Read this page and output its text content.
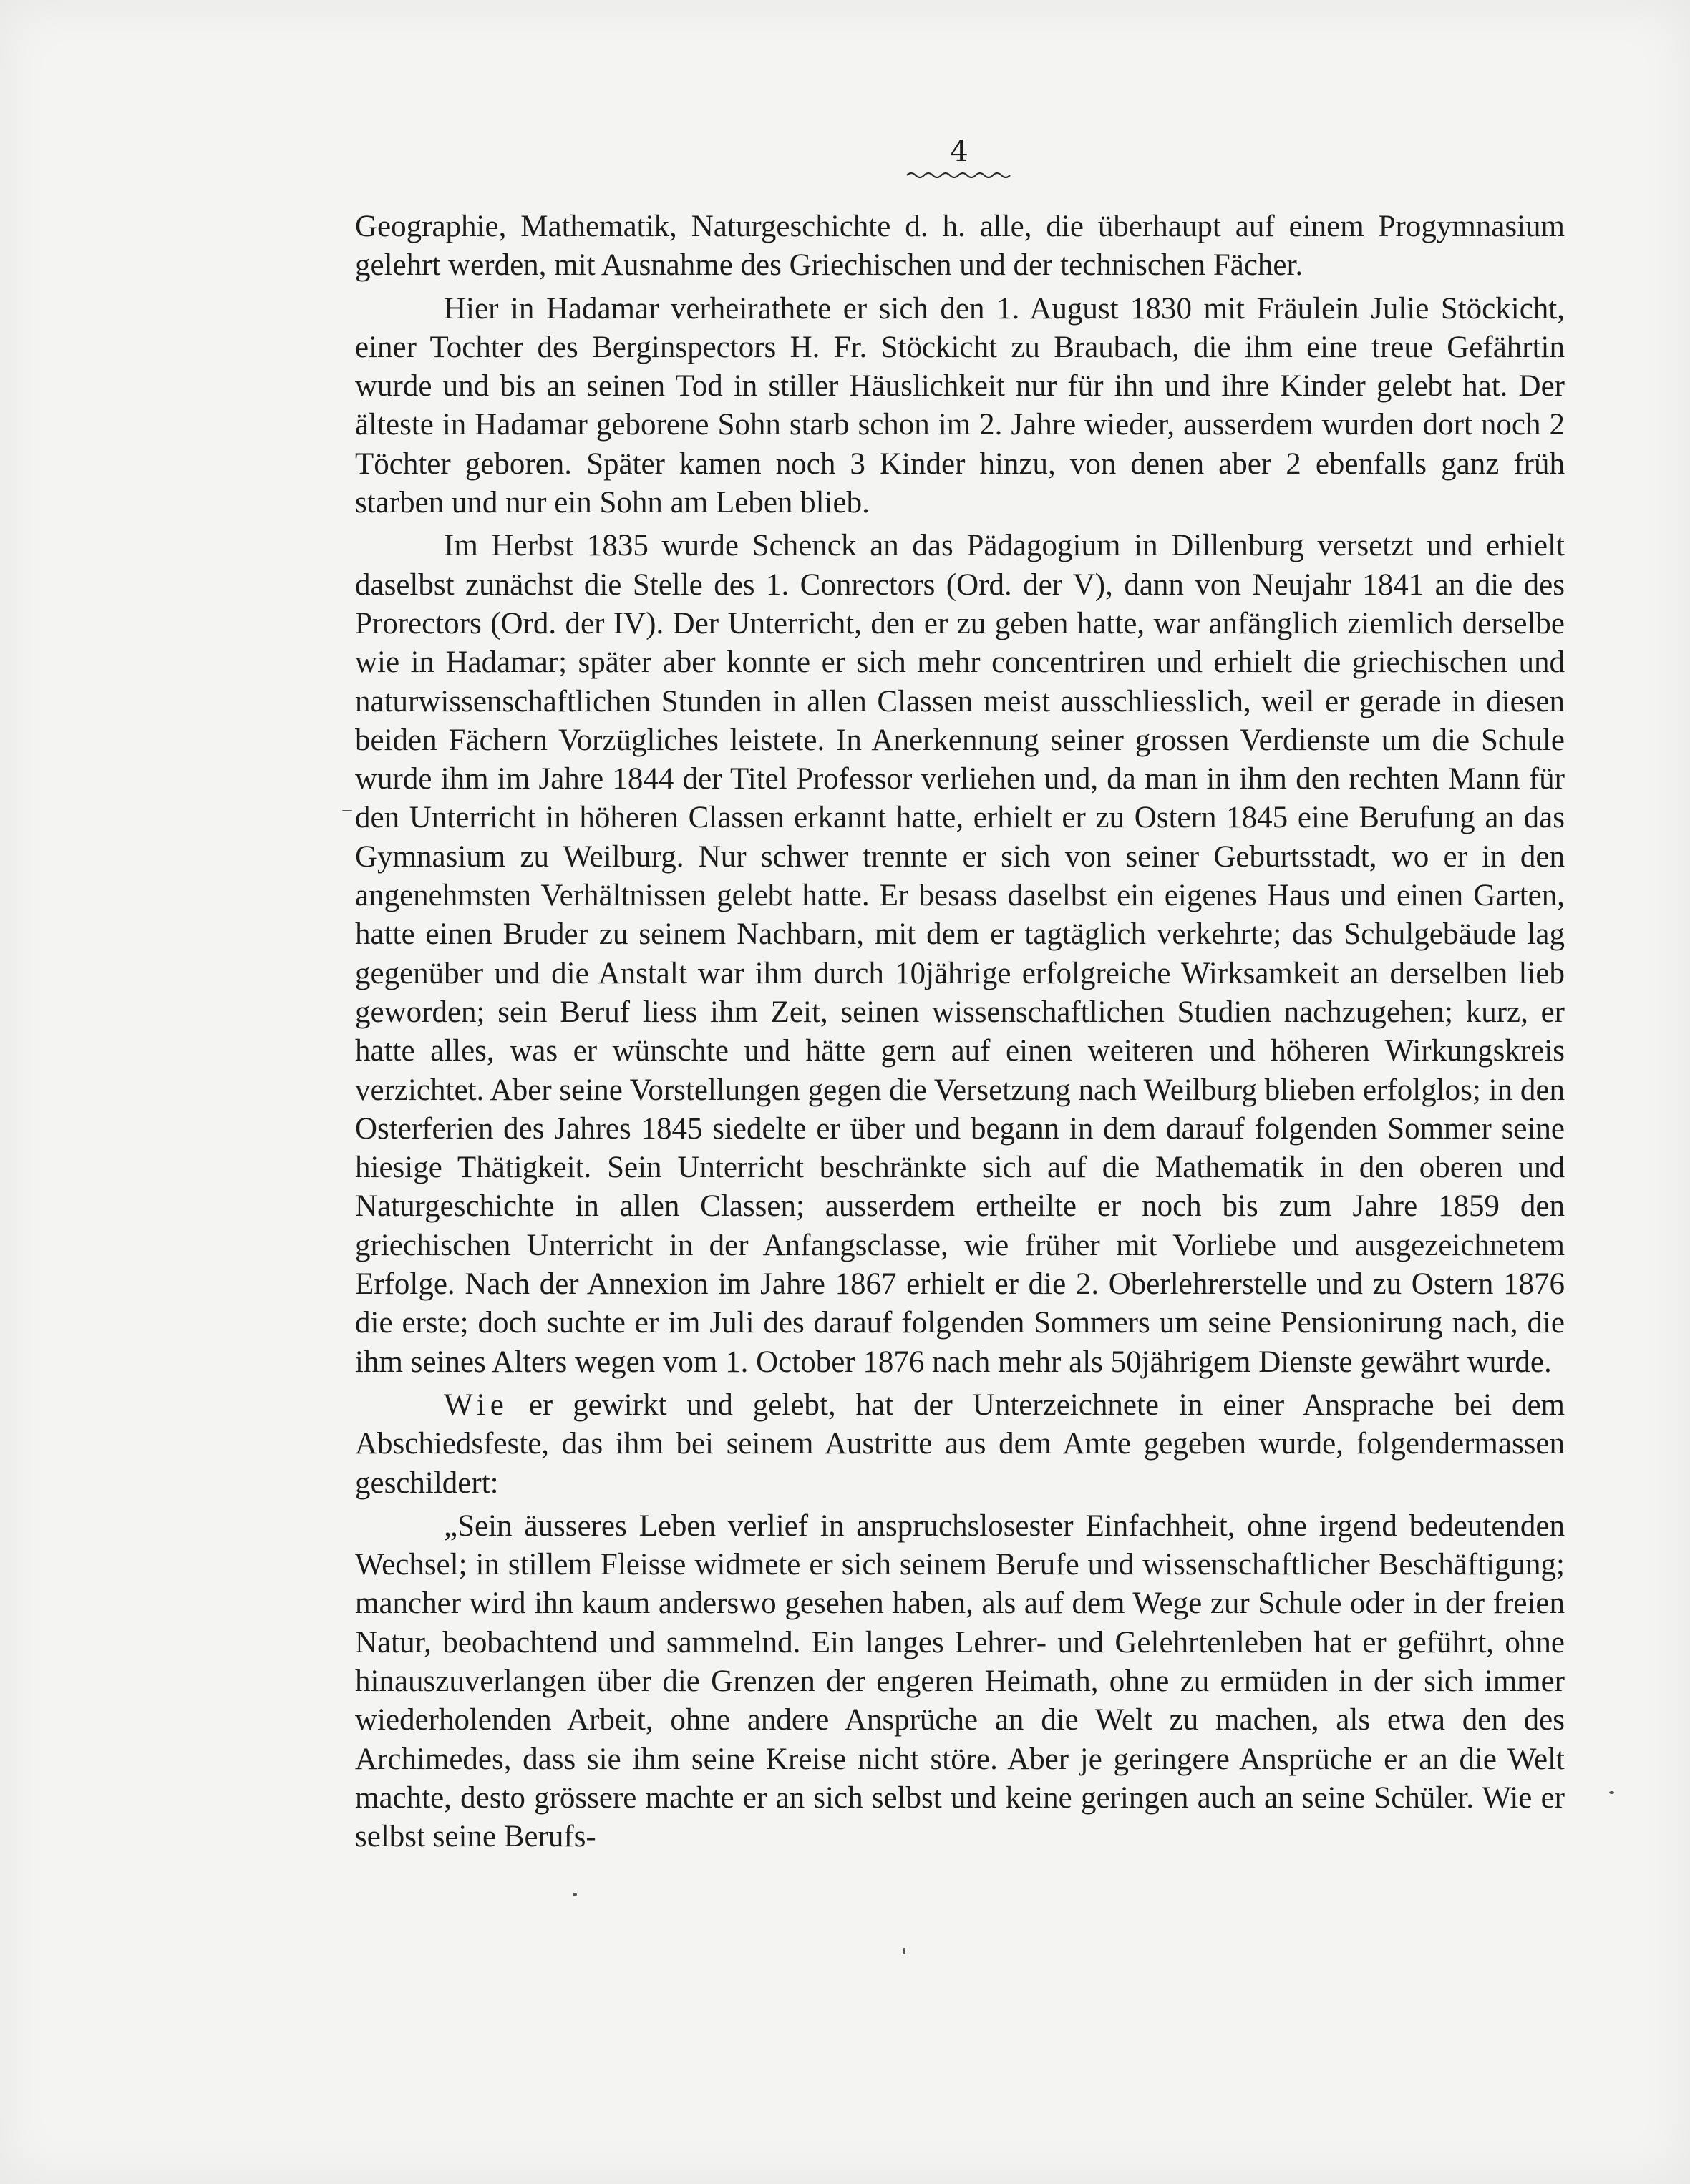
4

Geographie, Mathematik, Naturgeschichte d. h. alle, die überhaupt auf einem Progymnasium gelehrt werden, mit Ausnahme des Griechischen und der technischen Fächer.

Hier in Hadamar verheirathete er sich den 1. August 1830 mit Fräulein Julie Stöckicht, einer Tochter des Berginspectors H. Fr. Stöckicht zu Braubach, die ihm eine treue Gefährtin wurde und bis an seinen Tod in stiller Häuslichkeit nur für ihn und ihre Kinder gelebt hat. Der älteste in Hadamar geborene Sohn starb schon im 2. Jahre wieder, ausserdem wurden dort noch 2 Töchter geboren. Später kamen noch 3 Kinder hinzu, von denen aber 2 ebenfalls ganz früh starben und nur ein Sohn am Leben blieb.

Im Herbst 1835 wurde Schenck an das Pädagogium in Dillenburg versetzt und erhielt daselbst zunächst die Stelle des 1. Conrectors (Ord. der V), dann von Neujahr 1841 an die des Prorectors (Ord. der IV). Der Unterricht, den er zu geben hatte, war anfänglich ziemlich derselbe wie in Hadamar; später aber konnte er sich mehr concentriren und erhielt die griechischen und naturwissenschaftlichen Stunden in allen Classen meist ausschliesslich, weil er gerade in diesen beiden Fächern Vorzügliches leistete. In Anerkennung seiner grossen Verdienste um die Schule wurde ihm im Jahre 1844 der Titel Professor verliehen und, da man in ihm den rechten Mann für den Unterricht in höheren Classen erkannt hatte, erhielt er zu Ostern 1845 eine Berufung an das Gymnasium zu Weilburg. Nur schwer trennte er sich von seiner Geburtsstadt, wo er in den angenehmsten Verhältnissen gelebt hatte. Er besass daselbst ein eigenes Haus und einen Garten, hatte einen Bruder zu seinem Nachbarn, mit dem er tagtäglich verkehrte; das Schulgebäude lag gegenüber und die Anstalt war ihm durch 10jährige erfolgreiche Wirksamkeit an derselben lieb geworden; sein Beruf liess ihm Zeit, seinen wissenschaftlichen Studien nachzugehen; kurz, er hatte alles, was er wünschte und hätte gern auf einen weiteren und höheren Wirkungskreis verzichtet. Aber seine Vorstellungen gegen die Versetzung nach Weilburg blieben erfolglos; in den Osterferien des Jahres 1845 siedelte er über und begann in dem darauf folgenden Sommer seine hiesige Thätigkeit. Sein Unterricht beschränkte sich auf die Mathematik in den oberen und Naturgeschichte in allen Classen; ausserdem ertheilte er noch bis zum Jahre 1859 den griechischen Unterricht in der Anfangsclasse, wie früher mit Vorliebe und ausgezeichnetem Erfolge. Nach der Annexion im Jahre 1867 erhielt er die 2. Oberlehrerstelle und zu Ostern 1876 die erste; doch suchte er im Juli des darauf folgenden Sommers um seine Pensionirung nach, die ihm seines Alters wegen vom 1. October 1876 nach mehr als 50jährigem Dienste gewährt wurde.

Wie er gewirkt und gelebt, hat der Unterzeichnete in einer Ansprache bei dem Abschiedsfeste, das ihm bei seinem Austritte aus dem Amte gegeben wurde, folgendermassen geschildert:

„Sein äusseres Leben verlief in anspruchslosester Einfachheit, ohne irgend bedeutenden Wechsel; in stillem Fleisse widmete er sich seinem Berufe und wissenschaftlicher Beschäftigung; mancher wird ihn kaum anderswo gesehen haben, als auf dem Wege zur Schule oder in der freien Natur, beobachtend und sammelnd. Ein langes Lehrer- und Gelehrtenleben hat er geführt, ohne hinauszuverlangen über die Grenzen der engeren Heimath, ohne zu ermüden in der sich immer wiederholenden Arbeit, ohne andere Ansprüche an die Welt zu machen, als etwa den des Archimedes, dass sie ihm seine Kreise nicht störe. Aber je geringere Ansprüche er an die Welt machte, desto grössere machte er an sich selbst und keine geringen auch an seine Schüler. Wie er selbst seine Berufs-
